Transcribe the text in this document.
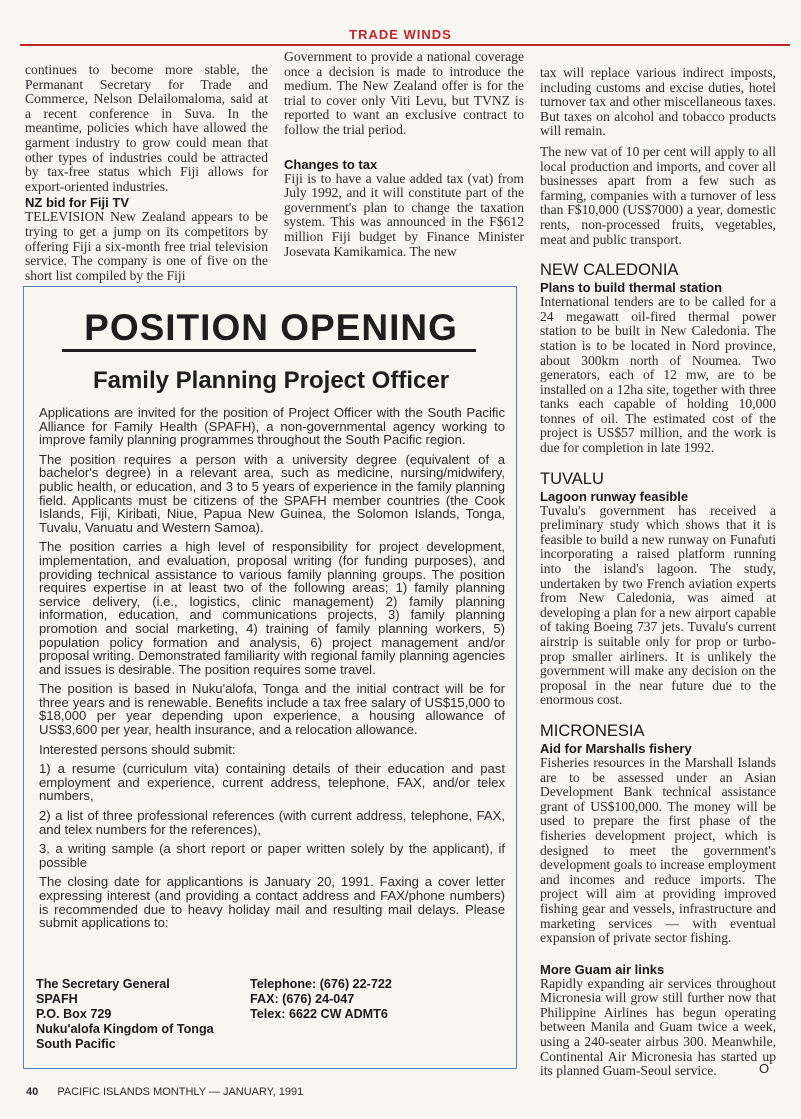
TRADE WINDS

continues to become more stable, the Permanant Secretary for Trade and Commerce, Nelson Delailomaloma, said at a recent conference in Suva. In the meantime, policies which have allowed the garment industry to grow could mean that other types of industries could be attracted by tax-free status which Fiji allows for export-oriented industries.

NZ bid for Fiji TV

TELEVISION New Zealand appears to be trying to get a jump on its competitors by offering Fiji a six-month free trial television service. The company is one of five on the short list compiled by the Fiji

Government to provide a national coverage once a decision is made to introduce the medium. The New Zealand offer is for the trial to cover only Viti Levu, but TVNZ is reported to want an exclusive contract to follow the trial period.

Changes to tax

Fiji is to have a value added tax (vat) from July 1992, and it will constitute part of the government's plan to change the taxation system. This was announced in the F$612 million Fiji budget by Finance Minister Josevata Kamikamica. The new

tax will replace various indirect imposts, including customs and excise duties, hotel turnover tax and other miscellaneous taxes. But taxes on alcohol and tobacco products will remain.

The new vat of 10 per cent will apply to all local production and imports, and cover all businesses apart from a few such as farming, companies with a turnover of less than F$10,000 (US$7000) a year, domestic rents, non-processed fruits, vegetables, meat and public transport.

NEW CALEDONIA
Plans to build thermal station

International tenders are to be called for a 24 megawatt oil-fired thermal power station to be built in New Caledonia. The station is to be located in Nord province, about 300km north of Noumea. Two generators, each of 12 mw, are to be installed on a 12ha site, together with three tanks each capable of holding 10,000 tonnes of oil. The estimated cost of the project is US$57 million, and the work is due for completion in late 1992.

TUVALU
Lagoon runway feasible

Tuvalu's government has received a preliminary study which shows that it is feasible to build a new runway on Funafuti incorporating a raised platform running into the island's lagoon. The study, undertaken by two French aviation experts from New Caledonia, was aimed at developing a plan for a new airport capable of taking Boeing 737 jets. Tuvalu's current airstrip is suitable only for prop or turbo-prop smaller airliners. It is unlikely the government will make any decision on the proposal in the near future due to the enormous cost.

MICRONESIA
Aid for Marshalls fishery

Fisheries resources in the Marshall Islands are to be assessed under an Asian Development Bank technical assistance grant of US$100,000. The money will be used to prepare the first phase of the fisheries development project, which is designed to meet the government's development goals to increase employment and incomes and reduce imports. The project will aim at providing improved fishing gear and vessels, infrastructure and marketing services — with eventual expansion of private sector fishing.

More Guam air links

Rapidly expanding air services throughout Micronesia will grow still further now that Philippine Airlines has begun operating between Manila and Guam twice a week, using a 240-seater airbus 300. Meanwhile, Continental Air Micronesia has started up its planned Guam-Seoul service.	O
POSITION OPENING
Family Planning Project Officer

Applications are invited for the position of Project Officer with the South Pacific Alliance for Family Health (SPAFH), a non-governmental agency working to improve family planning programmes throughout the South Pacific region.

The position requires a person with a university degree (equivalent of a bachelor's degree) in a relevant area, such as medicine, nursing/midwifery, public health, or education, and 3 to 5 years of experience in the family planning field. Applicants must be citizens of the SPAFH member countries (the Cook Islands, Fiji, Kiribati, Niue, Papua New Guinea, the Solomon Islands, Tonga, Tuvalu, Vanuatu and Western Samoa).

The position carries a high level of responsibility for project development, implementation, and evaluation, proposal writing (for funding purposes), and providing technical assistance to various family planning groups. The position requires expertise in at least two of the following areas; 1) family planning service delivery, (i.e., logistics, clinic management) 2) family planning information, education, and communications projects, 3) family planning promotion and social marketing, 4) training of family planning workers, 5) population policy formation and analysis, 6) project management and/or proposal writing. Demonstrated familiarity with regional family planning agencies and issues is desirable. The position requires some travel.

The position is based in Nuku'alofa, Tonga and the initial contract will be for three years and is renewable. Benefits include a tax free salary of US$15,000 to $18,000 per year depending upon experience, a housing allowance of US$3,600 per year, health insurance, and a relocation allowance.

Interested persons should submit:

1) a resume (curriculum vita) containing details of their education and past employment and experience, current address, telephone, FAX, and/or telex numbers,

2) a list of three professional references (with current address, telephone, FAX, and telex numbers for the references),

3. a writing sample (a short report or paper written solely by the applicant), if possible

The closing date for applicantions is January 20, 1991. Faxing a cover letter expressing interest (and providing a contact address and FAX/phone numbers) is recommended due to heavy holiday mail and resulting mail delays. Please submit applications to:

The Secretary General
SPAFH
P.O. Box 729
Nuku'alofa Kingdom of Tonga
South Pacific
Telephone: (676) 22-722
FAX: (676) 24-047
Telex: 6622 CW ADMT6
40 PACIFIC ISLANDS MONTHLY — JANUARY, 1991
